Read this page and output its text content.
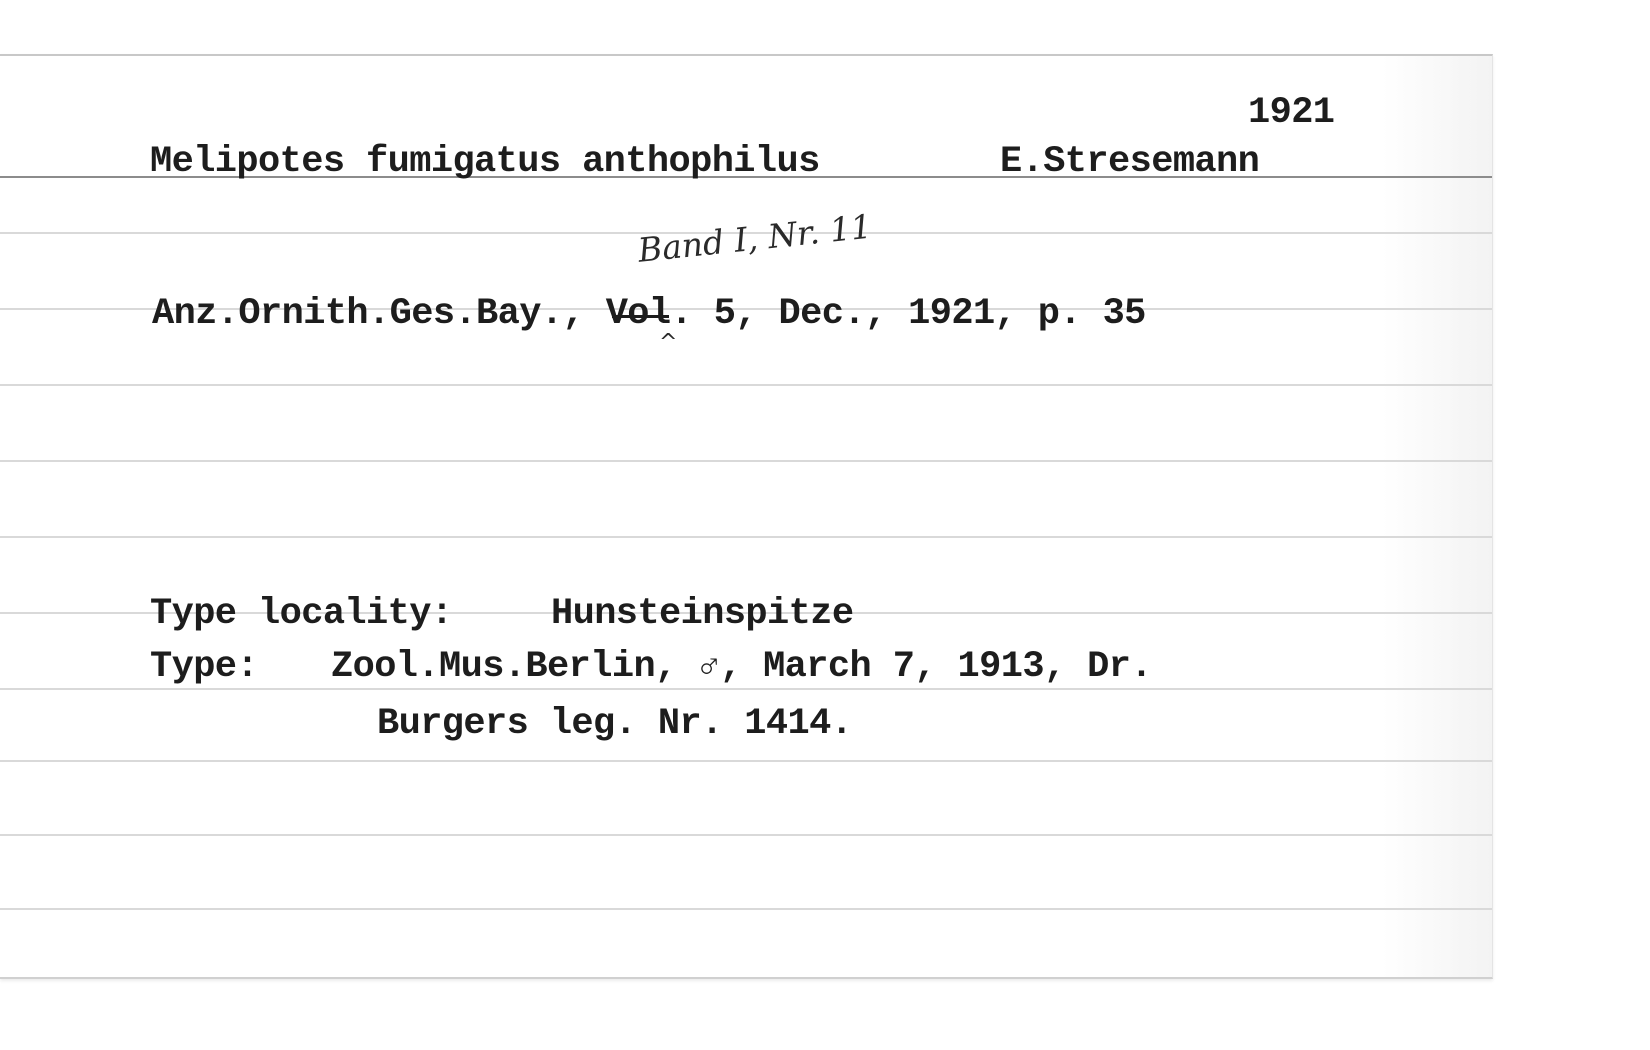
1921
Melipotes fumigatus anthophilus	E.Stresemann
Band I, Nr. 11
Anz.Ornith.Ges.Bay., Vol. 5, Dec., 1921, p. 35
^
Type locality:	Hunsteinspitze
Type: Zool.Mus.Berlin, ♂, March 7, 1913, Dr.
Burgers leg. Nr. 1414.
